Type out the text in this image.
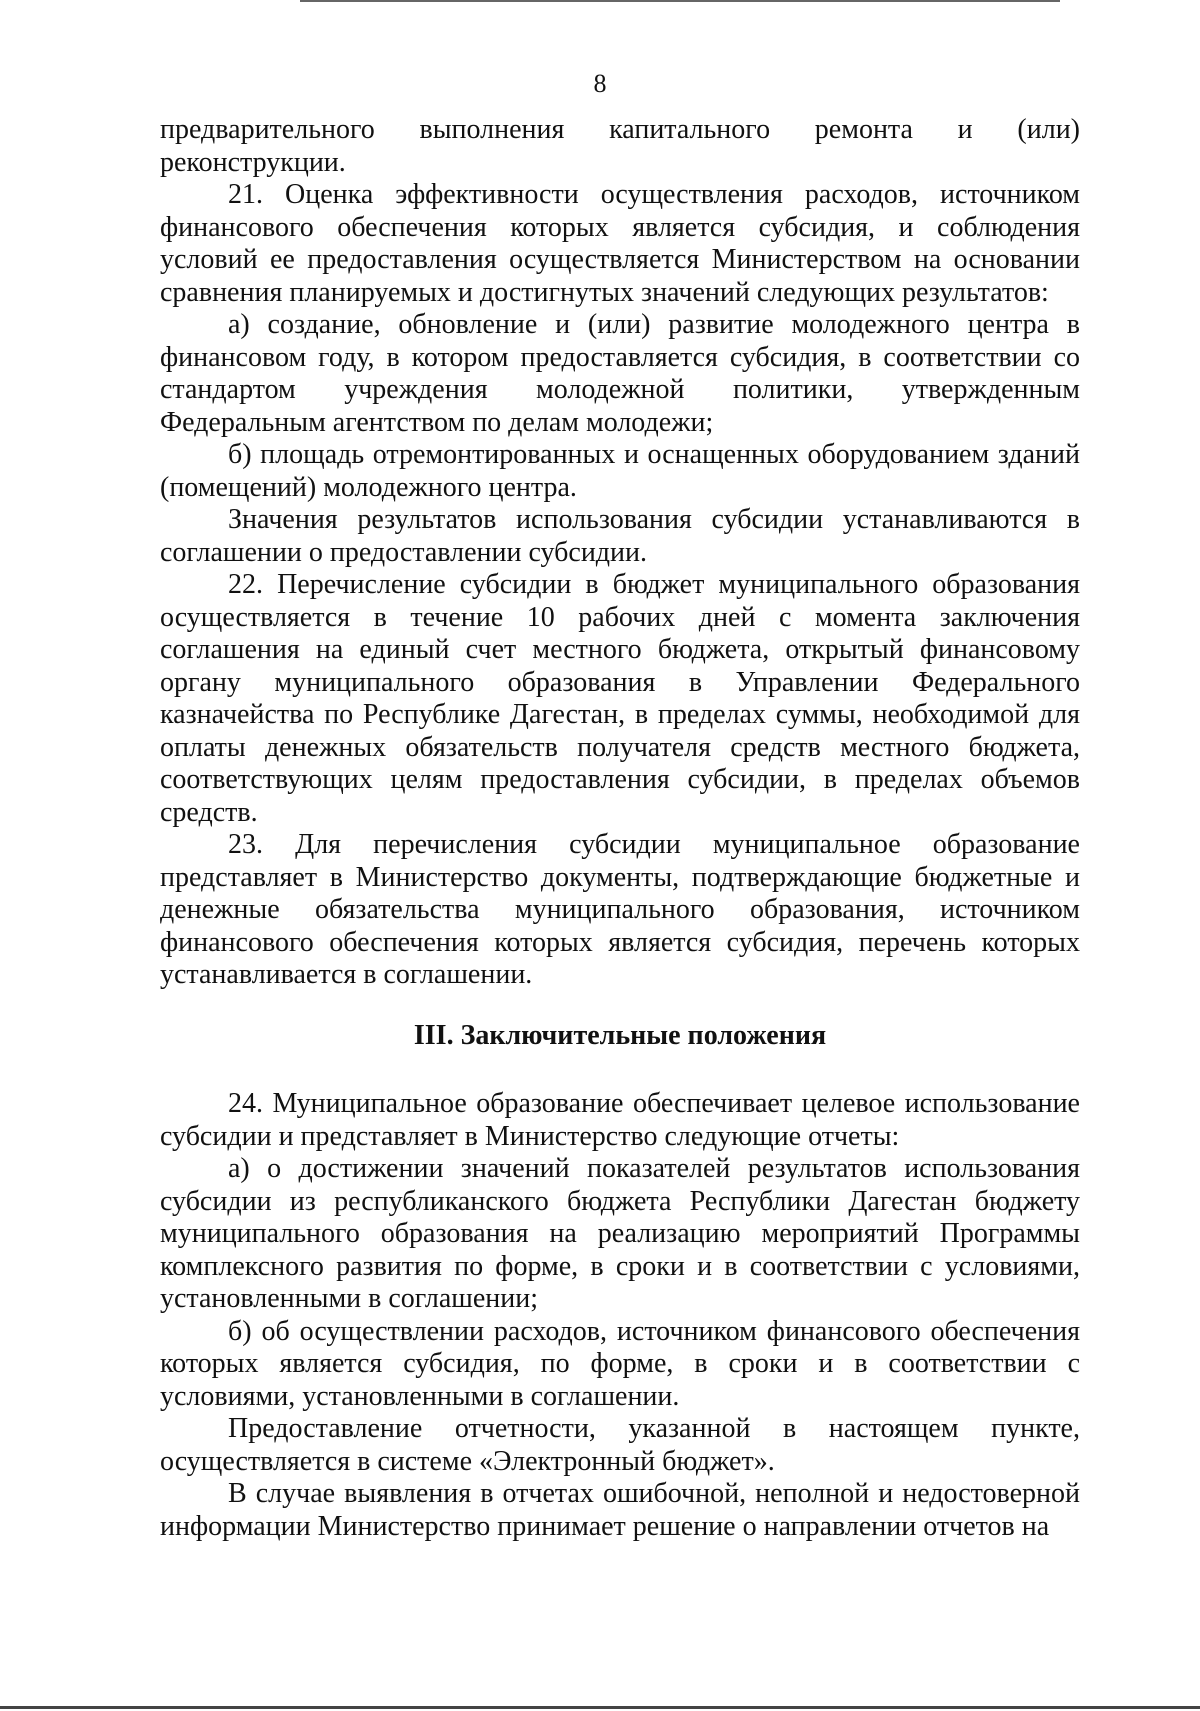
8

предварительного выполнения капитального ремонта и (или) реконструкции.

21. Оценка эффективности осуществления расходов, источником финансового обеспечения которых является субсидия, и соблюдения условий ее предоставления осуществляется Министерством на основании сравнения планируемых и достигнутых значений следующих результатов:

а) создание, обновление и (или) развитие молодежного центра в финансовом году, в котором предоставляется субсидия, в соответствии со стандартом учреждения молодежной политики, утвержденным Федеральным агентством по делам молодежи;

б) площадь отремонтированных и оснащенных оборудованием зданий (помещений) молодежного центра.

Значения результатов использования субсидии устанавливаются в соглашении о предоставлении субсидии.

22. Перечисление субсидии в бюджет муниципального образования осуществляется в течение 10 рабочих дней с момента заключения соглашения на единый счет местного бюджета, открытый финансовому органу муниципального образования в Управлении Федерального казначейства по Республике Дагестан, в пределах суммы, необходимой для оплаты денежных обязательств получателя средств местного бюджета, соответствующих целям предоставления субсидии, в пределах объемов средств.

23. Для перечисления субсидии муниципальное образование представляет в Министерство документы, подтверждающие бюджетные и денежные обязательства муниципального образования, источником финансового обеспечения которых является субсидия, перечень которых устанавливается в соглашении.

III. Заключительные положения

24. Муниципальное образование обеспечивает целевое использование субсидии и представляет в Министерство следующие отчеты:

а) о достижении значений показателей результатов использования субсидии из республиканского бюджета Республики Дагестан бюджету муниципального образования на реализацию мероприятий Программы комплексного развития по форме, в сроки и в соответствии с условиями, установленными в соглашении;

б) об осуществлении расходов, источником финансового обеспечения которых является субсидия, по форме, в сроки и в соответствии с условиями, установленными в соглашении.

Предоставление отчетности, указанной в настоящем пункте, осуществляется в системе «Электронный бюджет».

В случае выявления в отчетах ошибочной, неполной и недостоверной информации Министерство принимает решение о направлении отчетов на
